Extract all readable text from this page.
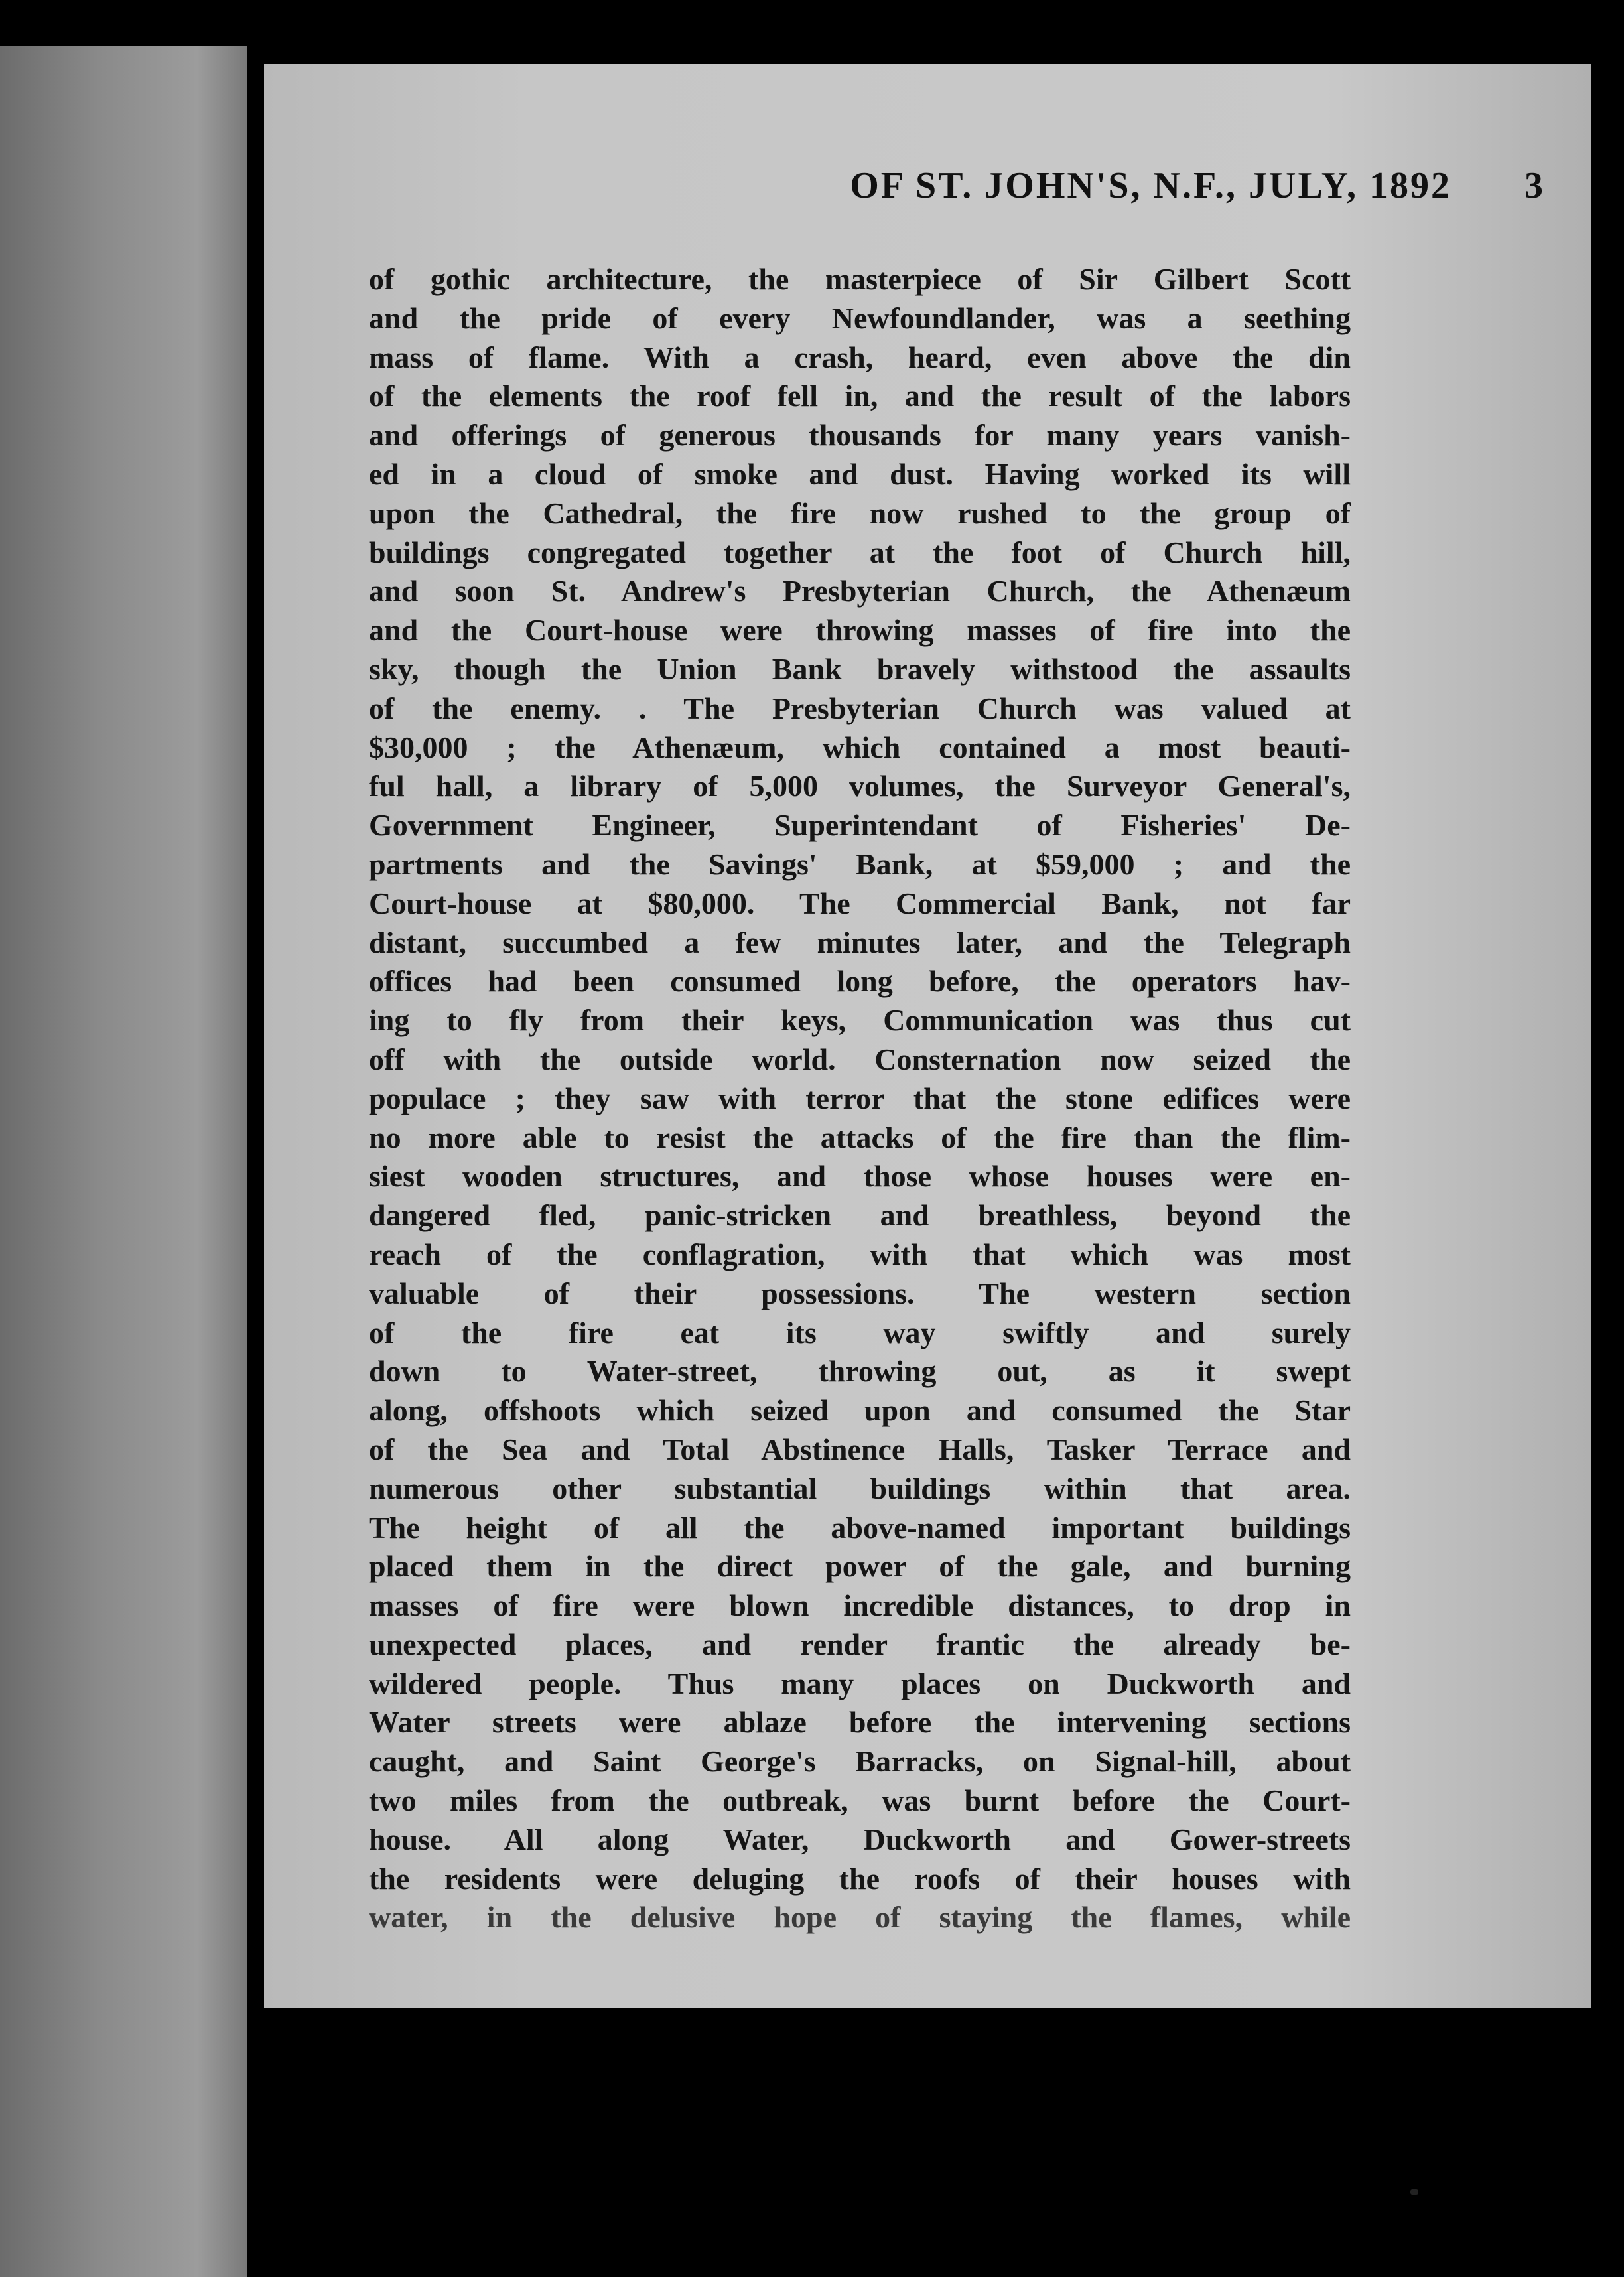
OF ST. JOHN'S, N.F., JULY, 1892 3
of gothic architecture, the masterpiece of Sir Gilbert Scott
and the pride of every Newfoundlander, was a seething
mass of flame. With a crash, heard, even above the din
of the elements the roof fell in, and the result of the labors
and offerings of generous thousands for many years vanish-
ed in a cloud of smoke and dust. Having worked its will
upon the Cathedral, the fire now rushed to the group of
buildings congregated together at the foot of Church hill,
and soon St. Andrew's Presbyterian Church, the Athenæum
and the Court-house were throwing masses of fire into the
sky, though the Union Bank bravely withstood the assaults
of the enemy. . The Presbyterian Church was valued at
$30,000 ; the Athenæum, which contained a most beauti-
ful hall, a library of 5,000 volumes, the Surveyor General's,
Government Engineer, Superintendant of Fisheries' De-
partments and the Savings' Bank, at $59,000 ; and the
Court-house at $80,000. The Commercial Bank, not far
distant, succumbed a few minutes later, and the Telegraph
offices had been consumed long before, the operators hav-
ing to fly from their keys, Communication was thus cut
off with the outside world. Consternation now seized the
populace ; they saw with terror that the stone edifices were
no more able to resist the attacks of the fire than the flim-
siest wooden structures, and those whose houses were en-
dangered fled, panic-stricken and breathless, beyond the
reach of the conflagration, with that which was most
valuable of their possessions. The western section
of the fire eat its way swiftly and surely
down to Water-street, throwing out, as it swept
along, offshoots which seized upon and consumed the Star
of the Sea and Total Abstinence Halls, Tasker Terrace and
numerous other substantial buildings within that area.
The height of all the above-named important buildings
placed them in the direct power of the gale, and burning
masses of fire were blown incredible distances, to drop in
unexpected places, and render frantic the already be-
wildered people. Thus many places on Duckworth and
Water streets were ablaze before the intervening sections
caught, and Saint George's Barracks, on Signal-hill, about
two miles from the outbreak, was burnt before the Court-
house. All along Water, Duckworth and Gower-streets
the residents were deluging the roofs of their houses with
water, in the delusive hope of staying the flames, while
